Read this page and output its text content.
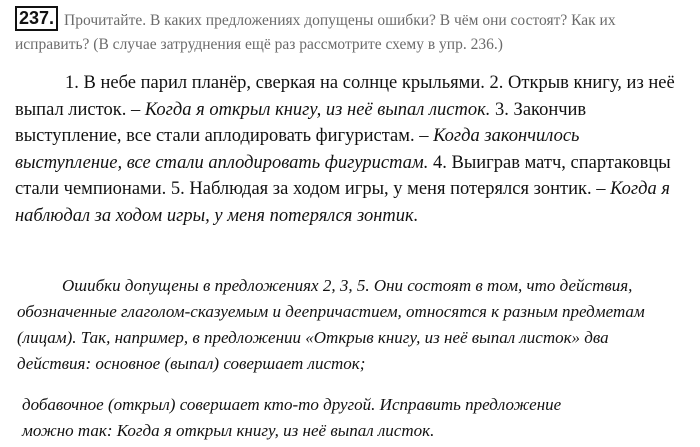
237. Прочитайте. В каких предложениях допущены ошибки? В чём они состоят? Как их
исправить? (В случае затруднения ещё раз рассмотрите схему в упр. 236.)
1. В небе парил планёр, сверкая на солнце крыльями. 2. Открыв книгу, из неё выпал листок. – Когда я открыл книгу, из неё выпал листок. 3. Закончив выступление, все стали аплодировать фигуристам. – Когда закончилось выступление, все стали аплодировать фигуристам. 4. Выиграв матч, спартаковцы стали чемпионами. 5. Наблюдая за ходом игры, у меня потерялся зонтик. – Когда я наблюдал за ходом игры, у меня потерялся зонтик.
Ошибки допущены в предложениях 2, 3, 5. Они состоят в том, что действия, обозначенные глаголом-сказуемым и деепричастием, относятся к разным предметам (лицам). Так, например, в предложении «Открыв книгу, из неё выпал листок» два действия: основное (выпал) совершает листок;
добавочное (открыл) совершает кто-то другой. Исправить предложение
можно так: Когда я открыл книгу, из неё выпал листок.
